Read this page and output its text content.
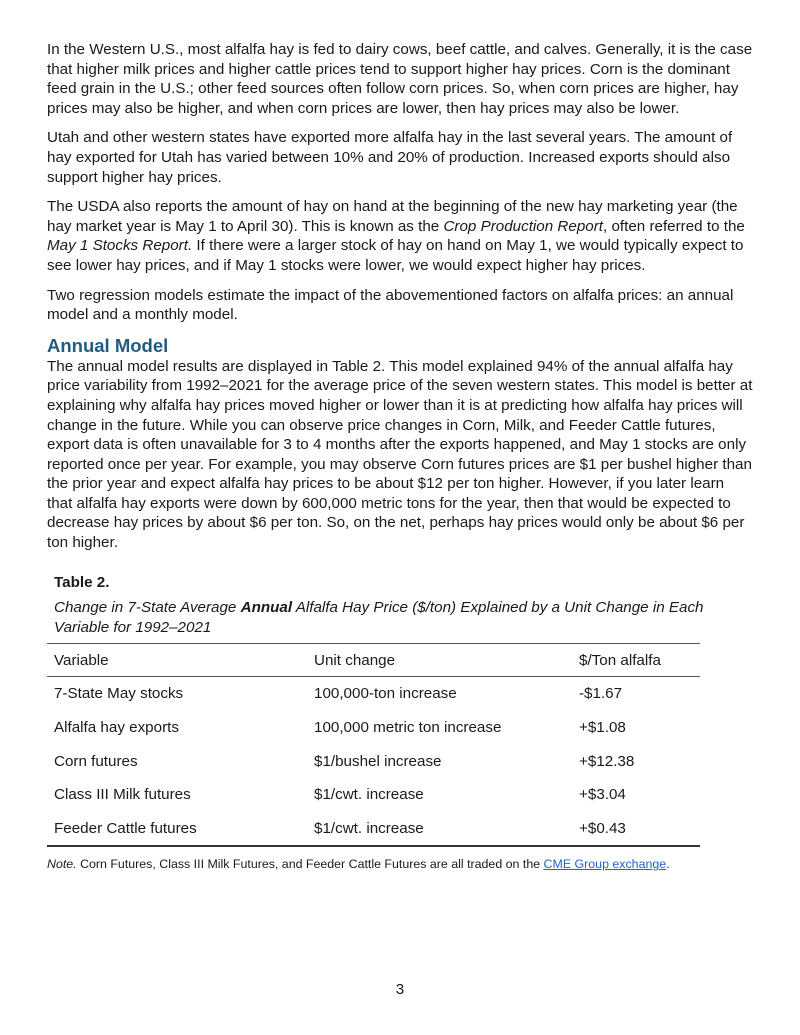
In the Western U.S., most alfalfa hay is fed to dairy cows, beef cattle, and calves. Generally, it is the case that higher milk prices and higher cattle prices tend to support higher hay prices. Corn is the dominant feed grain in the U.S.; other feed sources often follow corn prices. So, when corn prices are higher, hay prices may also be higher, and when corn prices are lower, then hay prices may also be lower.

Utah and other western states have exported more alfalfa hay in the last several years. The amount of hay exported for Utah has varied between 10% and 20% of production. Increased exports should also support higher hay prices.

The USDA also reports the amount of hay on hand at the beginning of the new hay marketing year (the hay market year is May 1 to April 30). This is known as the Crop Production Report, often referred to the May 1 Stocks Report. If there were a larger stock of hay on hand on May 1, we would typically expect to see lower hay prices, and if May 1 stocks were lower, we would expect higher hay prices.

Two regression models estimate the impact of the abovementioned factors on alfalfa prices: an annual model and a monthly model.

Annual Model

The annual model results are displayed in Table 2. This model explained 94% of the annual alfalfa hay price variability from 1992–2021 for the average price of the seven western states. This model is better at explaining why alfalfa hay prices moved higher or lower than it is at predicting how alfalfa hay prices will change in the future. While you can observe price changes in Corn, Milk, and Feeder Cattle futures, export data is often unavailable for 3 to 4 months after the exports happened, and May 1 stocks are only reported once per year. For example, you may observe Corn futures prices are $1 per bushel higher than the prior year and expect alfalfa hay prices to be about $12 per ton higher. However, if you later learn that alfalfa hay exports were down by 600,000 metric tons for the year, then that would be expected to decrease hay prices by about $6 per ton. So, on the net, perhaps hay prices would only be about $6 per ton higher.

Table 2.
Change in 7-State Average Annual Alfalfa Hay Price ($/ton) Explained by a Unit Change in Each Variable for 1992–2021
Variable	Unit change	$/Ton alfalfa
7-State May stocks	100,000-ton increase	-$1.67
Alfalfa hay exports	100,000 metric ton increase	+$1.08
Corn futures	$1/bushel increase	+$12.38
Class III Milk futures	$1/cwt. increase	+$3.04
Feeder Cattle futures	$1/cwt. increase	+$0.43
Note. Corn Futures, Class III Milk Futures, and Feeder Cattle Futures are all traded on the CME Group exchange.
3
